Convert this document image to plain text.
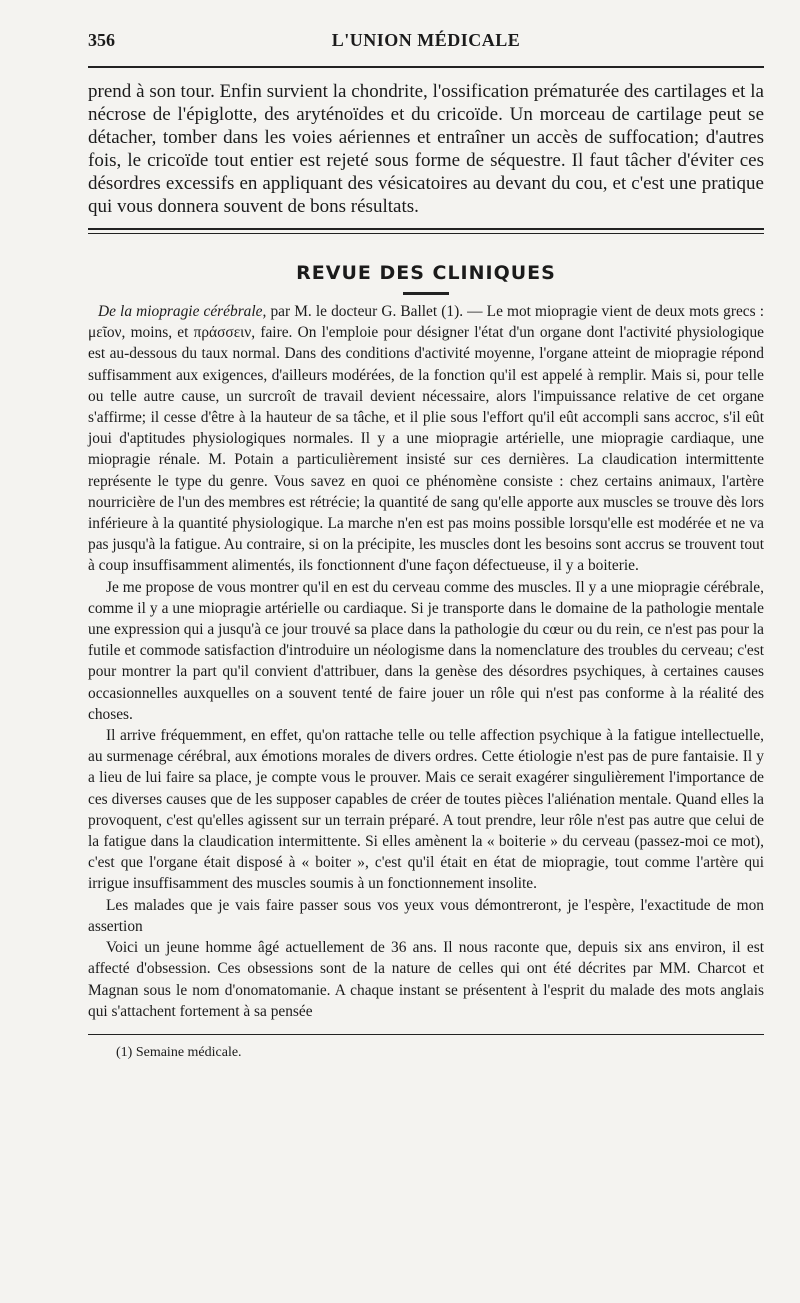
356	L'UNION MÉDICALE

prend à son tour. Enfin survient la chondrite, l'ossification prématurée des cartilages et la nécrose de l'épiglotte, des aryténoïdes et du cricoïde. Un morceau de cartilage peut se détacher, tomber dans les voies aériennes et entraîner un accès de suffocation; d'autres fois, le cricoïde tout entier est rejeté sous forme de séquestre. Il faut tâcher d'éviter ces désordres excessifs en appliquant des vésicatoires au devant du cou, et c'est une pratique qui vous donnera souvent de bons résultats.

REVUE DES CLINIQUES

De la miopragie cérébrale, par M. le docteur G. Ballet (1). — Le mot miopragie vient de deux mots grecs : μεῖον, moins, et πράσσειν, faire. On l'emploie pour désigner l'état d'un organe dont l'activité physiologique est au-dessous du taux normal. Dans des conditions d'activité moyenne, l'organe atteint de miopragie répond suffisamment aux exigences, d'ailleurs modérées, de la fonction qu'il est appelé à remplir. Mais si, pour telle ou telle autre cause, un surcroît de travail devient nécessaire, alors l'impuissance relative de cet organe s'affirme; il cesse d'être à la hauteur de sa tâche, et il plie sous l'effort qu'il eût accompli sans accroc, s'il eût joui d'aptitudes physiologiques normales. Il y a une miopragie artérielle, une miopragie cardiaque, une miopragie rénale. M. Potain a particulièrement insisté sur ces dernières. La claudication intermittente représente le type du genre. Vous savez en quoi ce phénomène consiste : chez certains animaux, l'artère nourricière de l'un des membres est rétrécie; la quantité de sang qu'elle apporte aux muscles se trouve dès lors inférieure à la quantité physiologique. La marche n'en est pas moins possible lorsqu'elle est modérée et ne va pas jusqu'à la fatigue. Au contraire, si on la précipite, les muscles dont les besoins sont accrus se trouvent tout à coup insuffisamment alimentés, ils fonctionnent d'une façon défectueuse, il y a boiterie.

Je me propose de vous montrer qu'il en est du cerveau comme des muscles. Il y a une miopragie cérébrale, comme il y a une miopragie artérielle ou cardiaque. Si je transporte dans le domaine de la pathologie mentale une expression qui a jusqu'à ce jour trouvé sa place dans la pathologie du cœur ou du rein, ce n'est pas pour la futile et commode satisfaction d'introduire un néologisme dans la nomenclature des troubles du cerveau; c'est pour montrer la part qu'il convient d'attribuer, dans la genèse des désordres psychiques, à certaines causes occasionnelles auxquelles on a souvent tenté de faire jouer un rôle qui n'est pas conforme à la réalité des choses.

Il arrive fréquemment, en effet, qu'on rattache telle ou telle affection psychique à la fatigue intellectuelle, au surmenage cérébral, aux émotions morales de divers ordres. Cette étiologie n'est pas de pure fantaisie. Il y a lieu de lui faire sa place, je compte vous le prouver. Mais ce serait exagérer singulièrement l'importance de ces diverses causes que de les supposer capables de créer de toutes pièces l'aliénation mentale. Quand elles la provoquent, c'est qu'elles agissent sur un terrain préparé. A tout prendre, leur rôle n'est pas autre que celui de la fatigue dans la claudication intermittente. Si elles amènent la « boiterie » du cerveau (passez-moi ce mot), c'est que l'organe était disposé à « boiter », c'est qu'il était en état de miopragie, tout comme l'artère qui irrigue insuffisamment des muscles soumis à un fonctionnement insolite.

Les malades que je vais faire passer sous vos yeux vous démontreront, je l'espère, l'exactitude de mon assertion

Voici un jeune homme âgé actuellement de 36 ans. Il nous raconte que, depuis six ans environ, il est affecté d'obsession. Ces obsessions sont de la nature de celles qui ont été décrites par MM. Charcot et Magnan sous le nom d'onomatomanie. A chaque instant se présentent à l'esprit du malade des mots anglais qui s'attachent fortement à sa pensée

(1) Semaine médicale.
